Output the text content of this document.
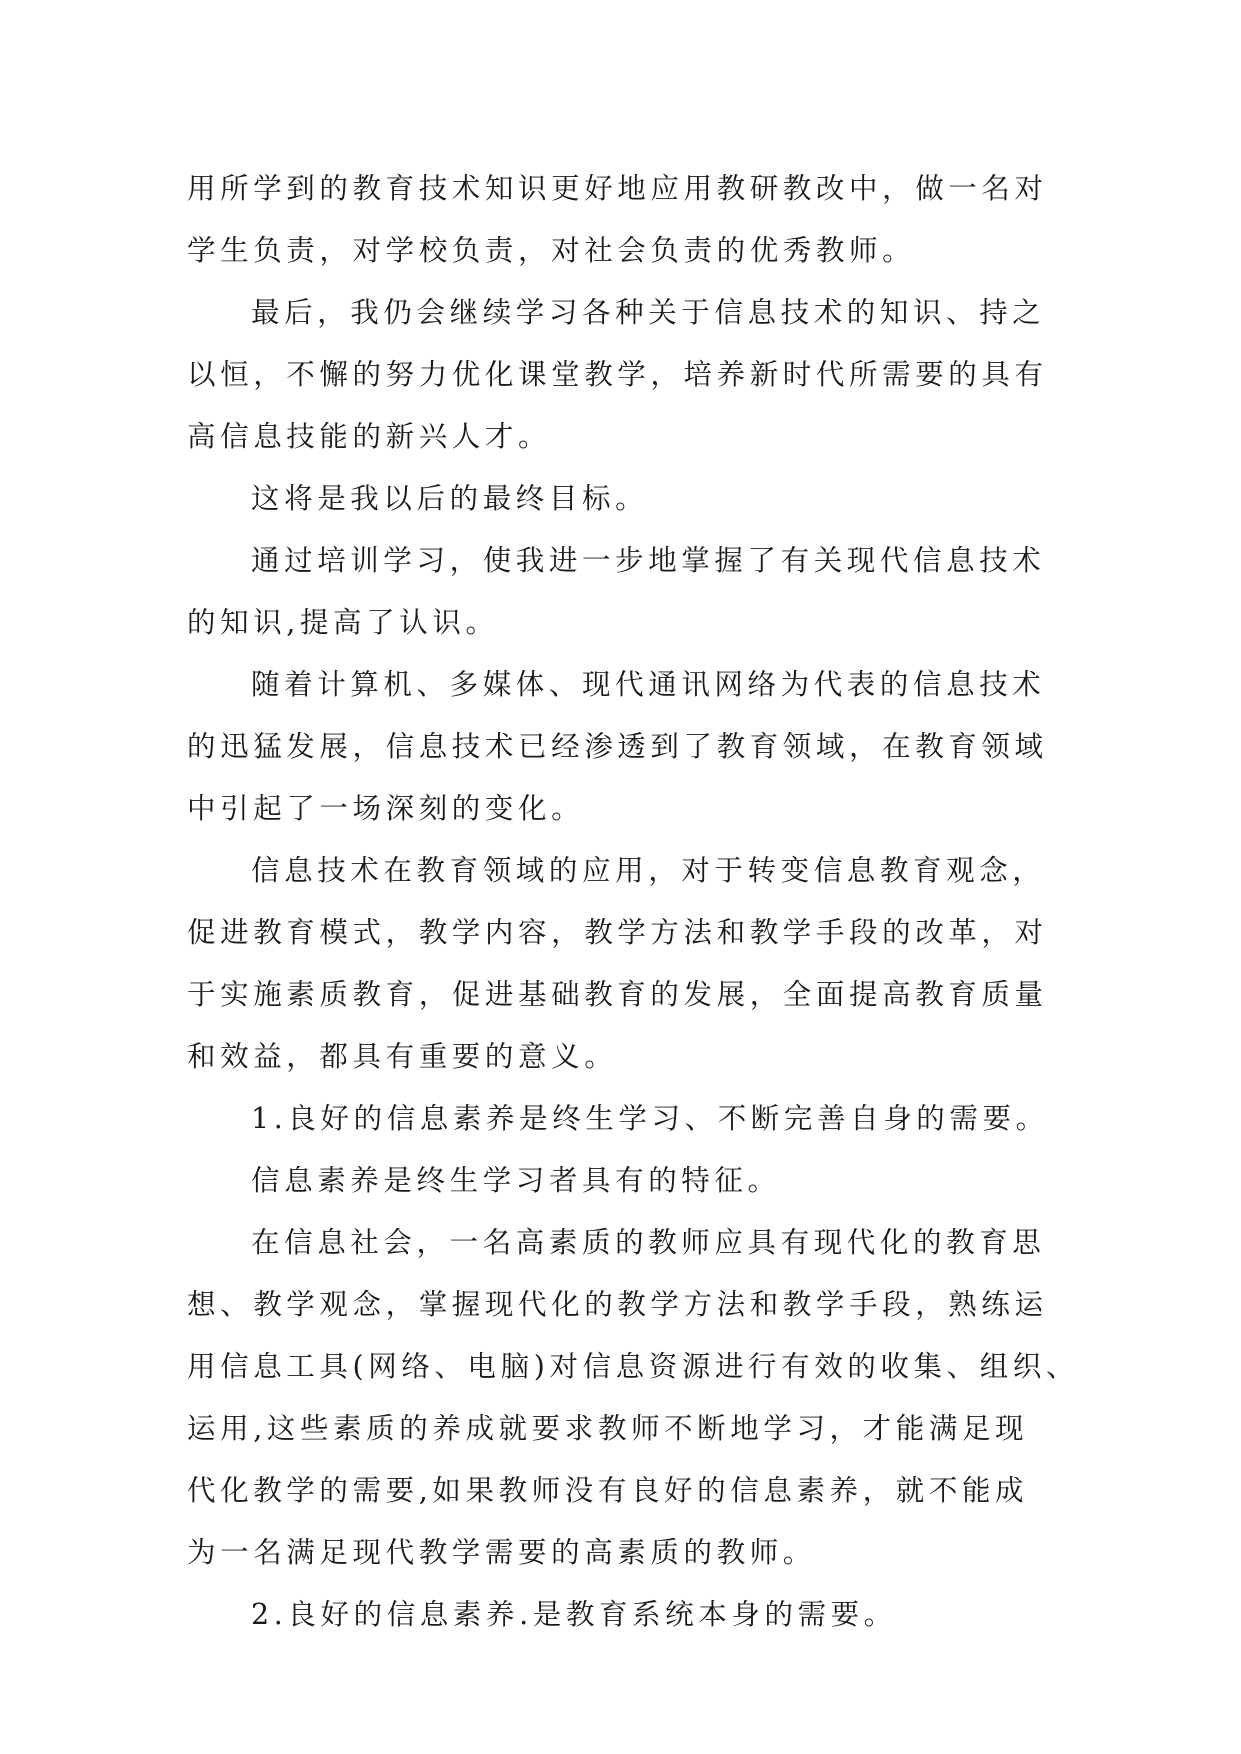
用所学到的教育技术知识更好地应用教研教改中，做一名对
学生负责，对学校负责，对社会负责的优秀教师。

最后，我仍会继续学习各种关于信息技术的知识、持之
以恒，不懈的努力优化课堂教学，培养新时代所需要的具有
高信息技能的新兴人才。

这将是我以后的最终目标。

通过培训学习，使我进一步地掌握了有关现代信息技术
的知识,提高了认识。

随着计算机、多媒体、现代通讯网络为代表的信息技术
的迅猛发展，信息技术已经渗透到了教育领域，在教育领域
中引起了一场深刻的变化。

信息技术在教育领域的应用，对于转变信息教育观念，
促进教育模式，教学内容，教学方法和教学手段的改革，对
于实施素质教育，促进基础教育的发展，全面提高教育质量
和效益，都具有重要的意义。

1.良好的信息素养是终生学习、不断完善自身的需要。

信息素养是终生学习者具有的特征。

在信息社会，一名高素质的教师应具有现代化的教育思
想、教学观念，掌握现代化的教学方法和教学手段，熟练运
用信息工具(网络、电脑)对信息资源进行有效的收集、组织、
运用,这些素质的养成就要求教师不断地学习，才能满足现
代化教学的需要,如果教师没有良好的信息素养，就不能成
为一名满足现代教学需要的高素质的教师。

2.良好的信息素养.是教育系统本身的需要。
